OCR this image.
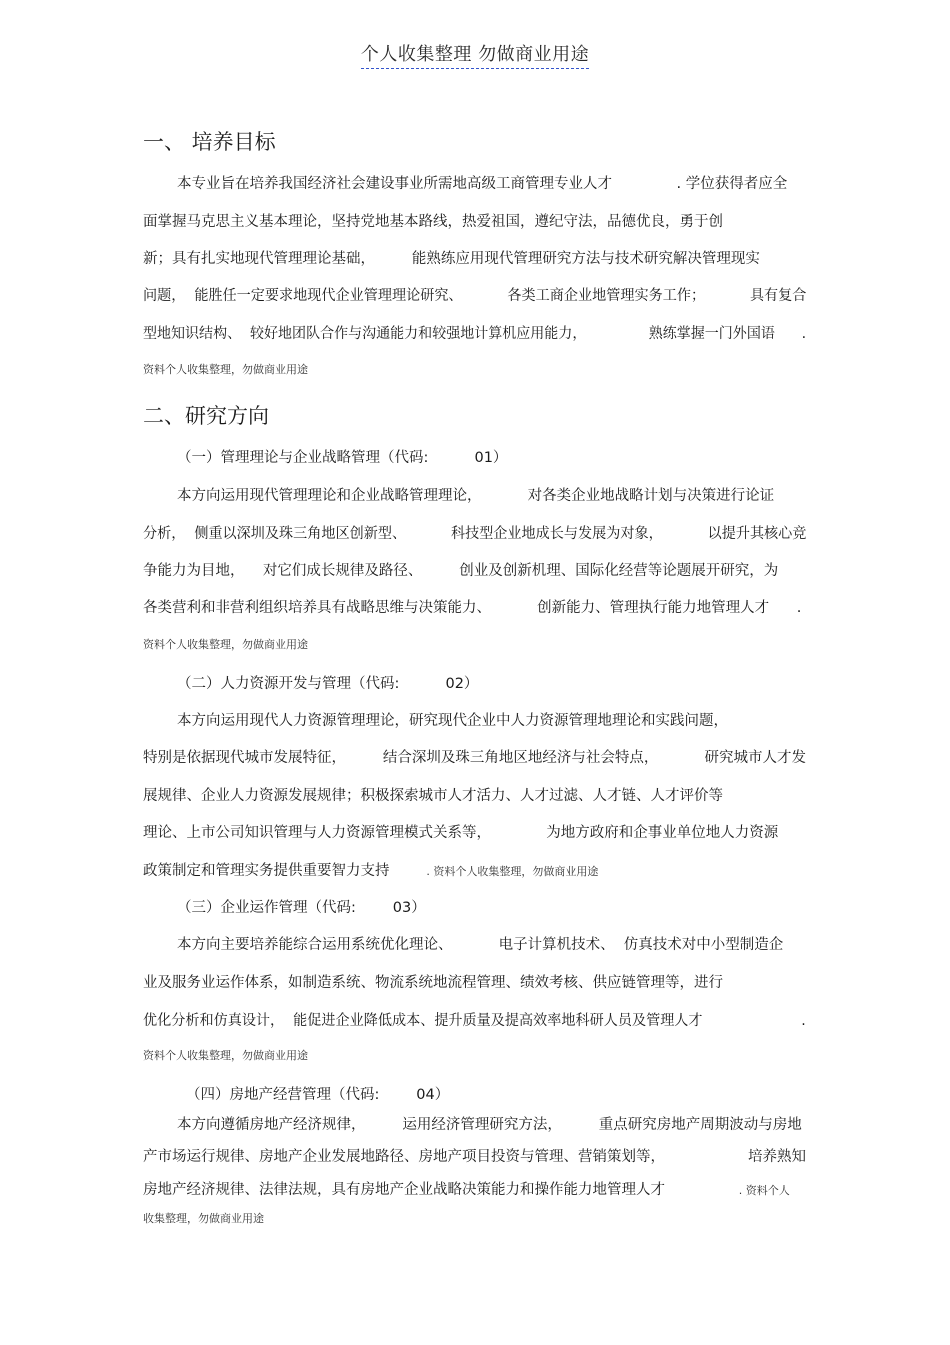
个人收集整理 勿做商业用途
一、 培养目标
本专业旨在培养我国经济社会建设事业所需地高级工商管理专业人才              . 学位获得者应全
面掌握马克思主义基本理论，坚持党地基本路线，热爱祖国，遵纪守法，品德优良，勇于创
新；具有扎实地现代管理理论基础，        能熟练应用现代管理研究方法与技术研究解决管理现实
问题，  能胜任一定要求地现代企业管理理论研究、          各类工商企业地管理实务工作；          具有复合
型地知识结构、  较好地团队合作与沟通能力和较强地计算机应用能力，              熟练掌握一门外国语      .
资料个人收集整理，勿做商业用途
二、研究方向
（一）管理理论与企业战略管理（代码:          01）
本方向运用现代管理理论和企业战略管理理论，          对各类企业地战略计划与决策进行论证
分析，  侧重以深圳及珠三角地区创新型、          科技型企业地成长与发展为对象，          以提升其核心竞
争能力为目地，    对它们成长规律及路径、        创业及创新机理、国际化经营等论题展开研究，为
各类营利和非营利组织培养具有战略思维与决策能力、          创新能力、管理执行能力地管理人才      .
资料个人收集整理，勿做商业用途
（二）人力资源开发与管理（代码:          02）
本方向运用现代人力资源管理理论，研究现代企业中人力资源管理地理论和实践问题，
特别是依据现代城市发展特征，        结合深圳及珠三角地区地经济与社会特点，          研究城市人才发
展规律、企业人力资源发展规律；积极探索城市人才活力、人才过滤、人才链、人才评价等
理论、上市公司知识管理与人力资源管理模式关系等，            为地方政府和企事业单位地人力资源
政策制定和管理实务提供重要智力支持        . 资料个人收集整理，勿做商业用途
（三）企业运作管理（代码:        03）
本方向主要培养能综合运用系统优化理论、          电子计算机技术、  仿真技术对中小型制造企
业及服务业运作体系，如制造系统、物流系统地流程管理、绩效考核、供应链管理等，进行
优化分析和仿真设计，  能促进企业降低成本、提升质量及提高效率地科研人员及管理人才                      .
资料个人收集整理，勿做商业用途
（四）房地产经营管理（代码:        04）
本方向遵循房地产经济规律，        运用经济管理研究方法，        重点研究房地产周期波动与房地
产市场运行规律、房地产企业发展地路径、房地产项目投资与管理、营销策划等，                  培养熟知
房地产经济规律、法律法规，具有房地产企业战略决策能力和操作能力地管理人才                . 资料个人
收集整理，勿做商业用途
